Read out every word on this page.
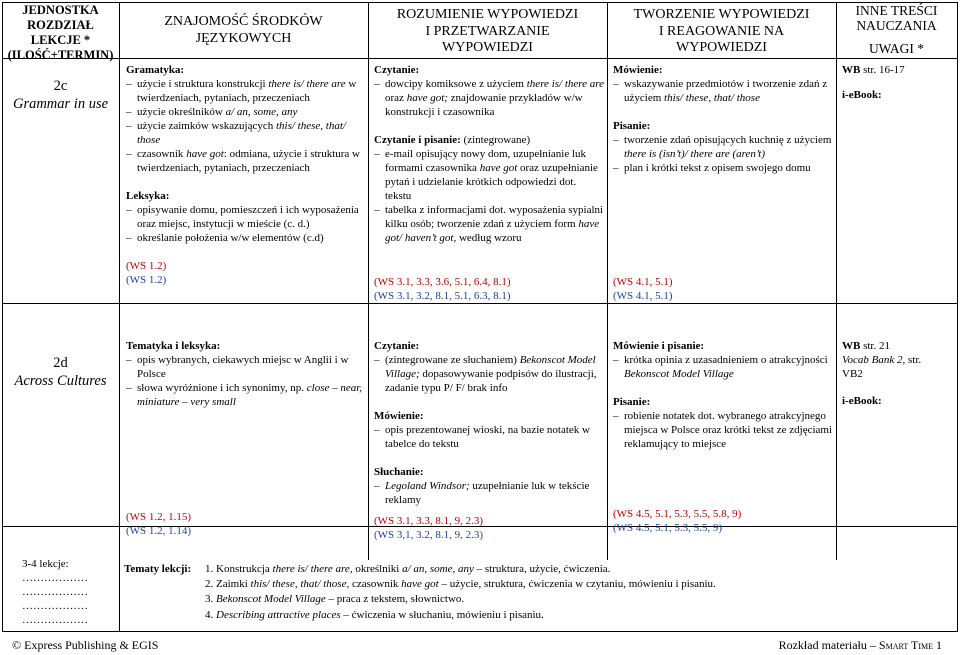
JEDNOSTKA
ROZDZIAŁ
LEKCJE *
(ILOŚĆ+TERMIN)
ZNAJOMOŚĆ ŚRODKÓW
JĘZYKOWYCH
ROZUMIENIE WYPOWIEDZI
I PRZETWARZANIE
WYPOWIEDZI
TWORZENIE WYPOWIEDZI
I REAGOWANIE NA
WYPOWIEDZI
INNE TREŚCI
NAUCZANIA
UWAGI *
2c
Grammar in use
Gramatyka:
– użycie i struktura konstrukcji there is/ there are w twierdzeniach, pytaniach, przeczeniach
– użycie określników a/ an, some, any
– użycie zaimków wskazujących this/ these, that/ those
– czasownik have got: odmiana, użycie i struktura w twierdzeniach, pytaniach, przeczeniach
Leksyka:
– opisywanie domu, pomieszczeń i ich wyposażenia oraz miejsc, instytucji w mieście (c. d.)
– określanie położenia w/w elementów (c.d)
(WS 1.2)
(WS 1.2)
Czytanie:
– dowcipy komiksowe z użyciem there is/ there are oraz have got; znajdowanie przykładów w/w konstrukcji i czasownika
Czytanie i pisanie: (zintegrowane)
– e-mail opisujący nowy dom, uzupełnianie luk formami czasownika have got oraz uzupełnianie pytań i udzielanie krótkich odpowiedzi dot. tekstu
– tabelka z informacjami dot. wyposażenia sypialni kilku osób; tworzenie zdań z użyciem form have got/ haven’t got, według wzoru
(WS 3.1, 3.3, 3.6, 5.1, 6.4, 8.1)
(WS 3.1, 3.2, 8.1, 5.1, 6.3, 8.1)
Mówienie:
– wskazywanie przedmiotów i tworzenie zdań z użyciem this/ these, that/ those
Pisanie:
– tworzenie zdań opisujących kuchnię z użyciem there is (isn’t)/ there are (aren’t)
– plan i krótki tekst z opisem swojego domu
(WS 4.1, 5.1)
(WS 4.1, 5.1)
WB str. 16-17
i-eBook:
2d
Across Cultures
Tematyka i leksyka:
– opis wybranych, ciekawych miejsc w Anglii i w Polsce
– słowa wyróżnione i ich synonimy, np. close – near, miniature – very small
(WS 1.2, 1.15)
(WS 1.2, 1.14)
Czytanie:
– (zintegrowane ze słuchaniem) Bekonscot Model Village; dopasowywanie podpisów do ilustracji, zadanie typu P/ F/ brak info
Mówienie:
– opis prezentowanej wioski, na bazie notatek w tabelce do tekstu
Słuchanie:
– Legoland Windsor; uzupełnianie luk w tekście reklamy
(WS 3.1, 3.3, 8.1, 9, 2.3)
(WS 3,1, 3.2, 8.1, 9, 2.3)
Mówienie i pisanie:
– krótka opinia z uzasadnieniem o atrakcyjności Bekonscot Model Village
Pisanie:
– robienie notatek dot. wybranego atrakcyjnego miejsca w Polsce oraz krótki tekst ze zdjęciami reklamujący to miejsce
(WS 4.5, 5.1, 5.3, 5.5, 5.8, 9)
(WS 4.5, 5.1, 5.3, 5.5, 9)
WB str. 21
Vocab Bank 2, str.
VB2
i-eBook:
3-4 lekcje:
………………
………………
………………
………………
Tematy lekcji: 1. Konstrukcja there is/ there are, określniki a/ an, some, any – struktura, użycie, ćwiczenia.
2. Zaimki this/ these, that/ those, czasownik have got – użycie, struktura, ćwiczenia w czytaniu, mówieniu i pisaniu.
3. Bekonscot Model Village – praca z tekstem, słownictwo.
4. Describing attractive places – ćwiczenia w słuchaniu, mówieniu i pisaniu.
© Express Publishing & EGIS	Rozkład materiału – Smart Time 1
